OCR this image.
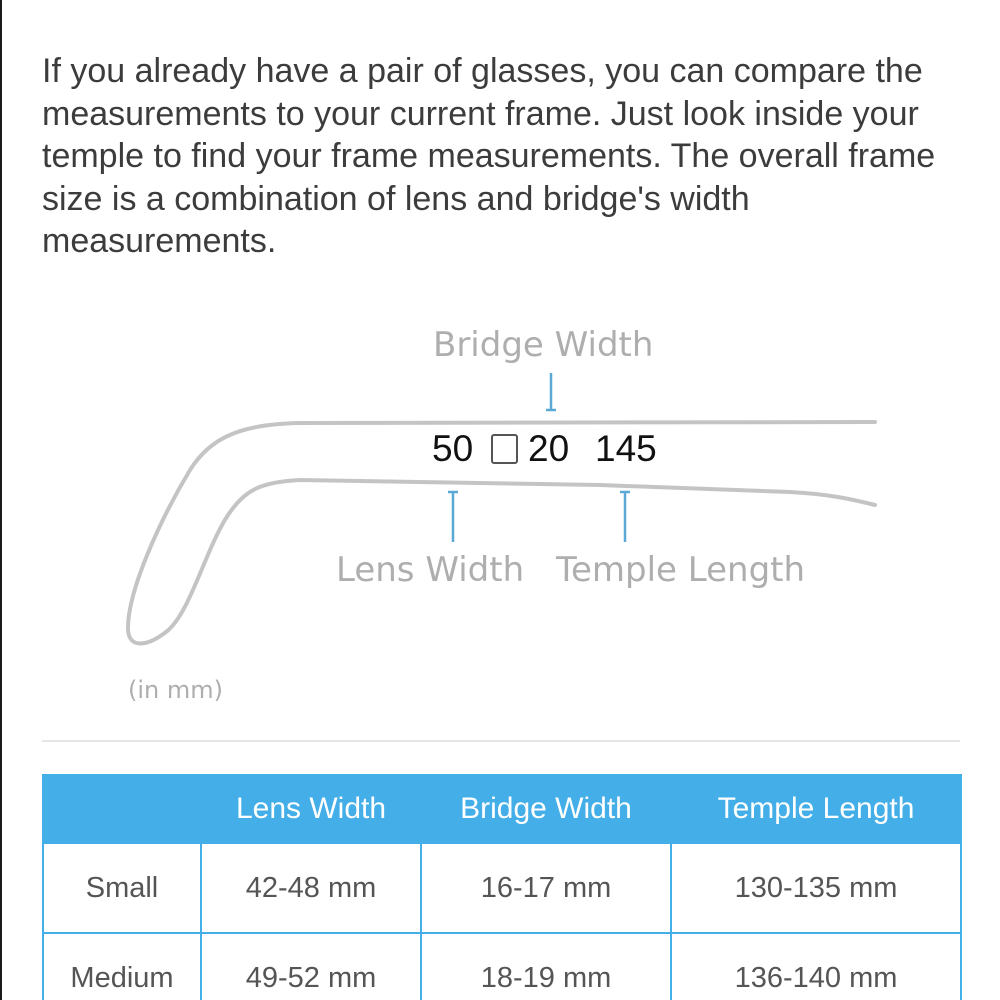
If you already have a pair of glasses, you can compare the measurements to your current frame. Just look inside your temple to find your frame measurements. The overall frame size is a combination of lens and bridge's width measurements.

Bridge Width
50 20 145
Lens Width Temple Length
(in mm)
	Lens Width	Bridge Width	Temple Length
Small	42-48 mm	16-17 mm	130-135 mm
Medium	49-52 mm	18-19 mm	136-140 mm
